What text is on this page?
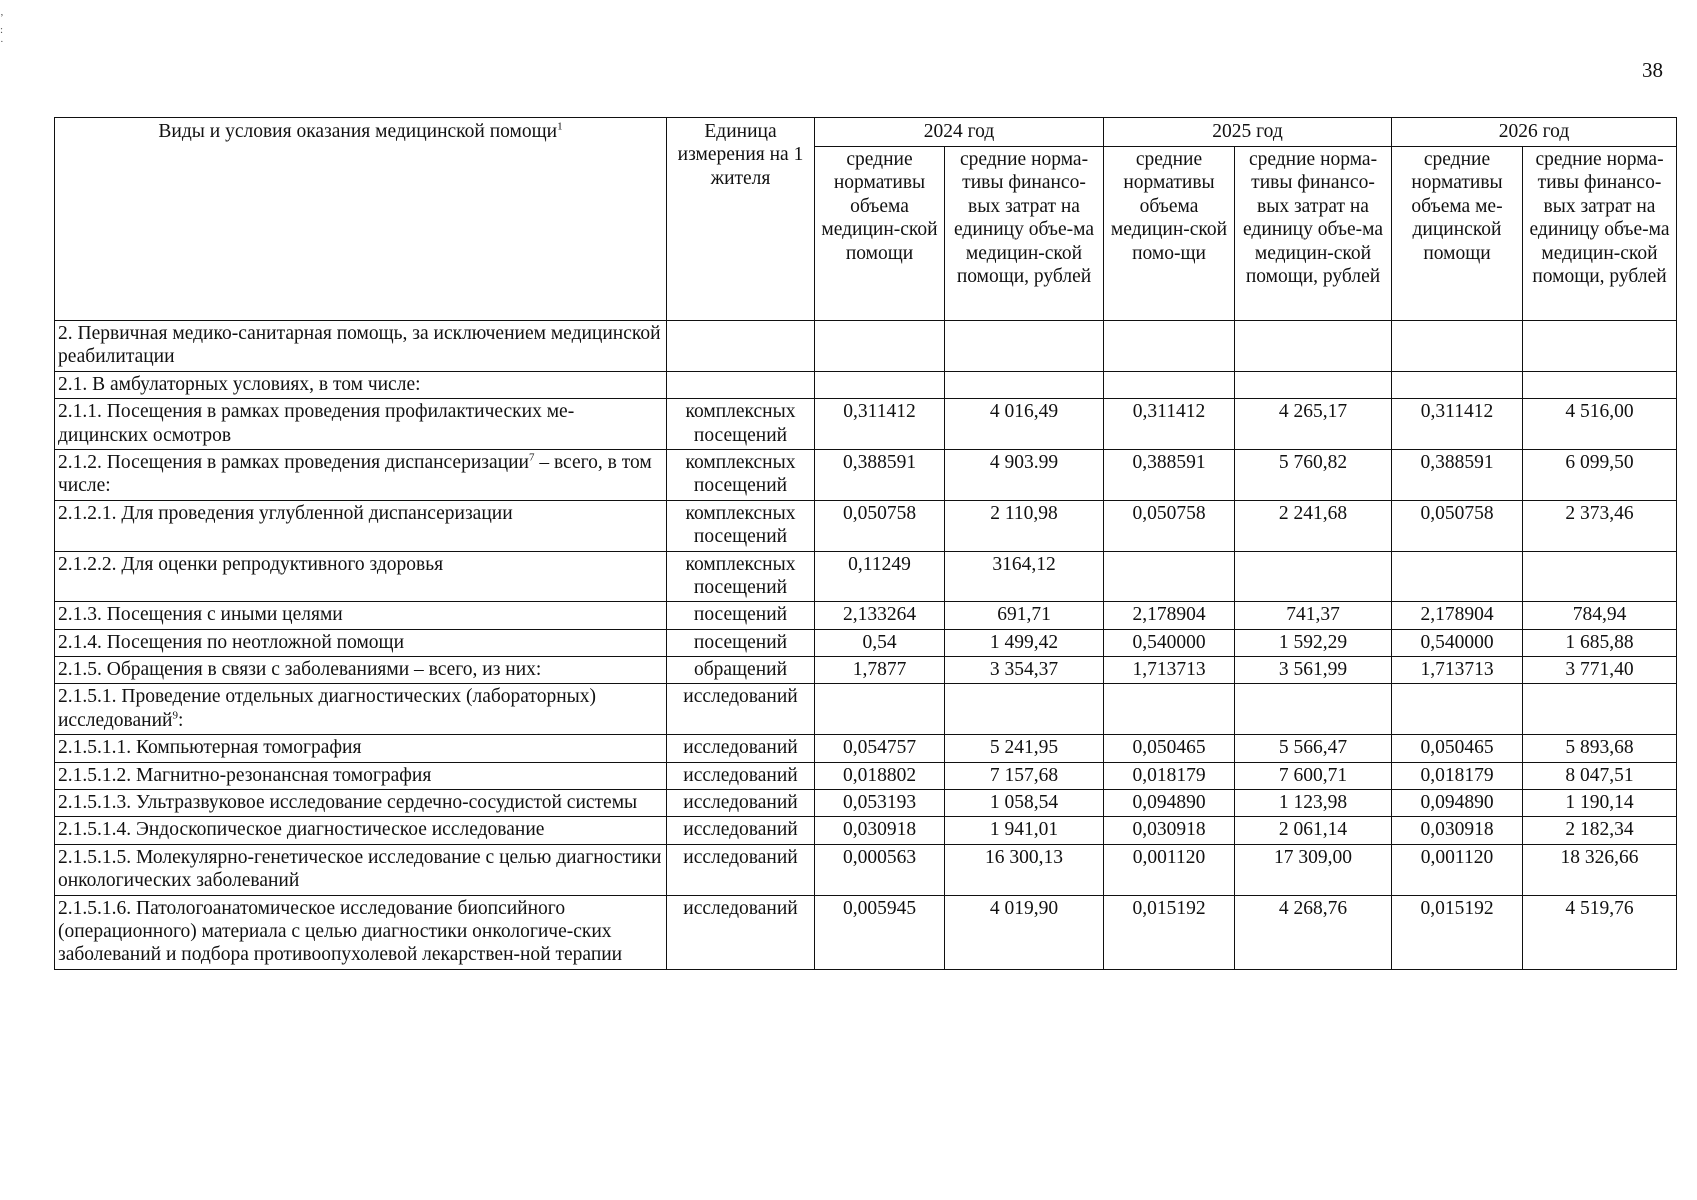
’
:
·
38
Виды и условия оказания медицинской помощи$^1$	Единица измерения на 1 жителя	2024 год		2025 год		2026 год	
		средние нормативы объема медицин-ской помощи	средние норма-тивы финансо-вых затрат на единицу объе-ма медицин-ской помощи, рублей	средние нормативы объема медицин-ской помо-щи	средние норма-тивы финансо-вых затрат на единицу объе-ма медицин-ской помощи, рублей	средние нормативы объема ме-дицинской помощи	средние норма-тивы финансо-вых затрат на единицу объе-ма медицин-ской помощи, рублей
2. Первичная медико-санитарная помощь, за исключением медицинской реабилитации							
2.1. В амбулаторных условиях, в том числе:							
2.1.1. Посещения в рамках проведения профилактических ме-дицинских осмотров	комплексных посещений	0,311412	4 016,49	0,311412	4 265,17	0,311412	4 516,00
2.1.2. Посещения в рамках проведения диспансеризации$^7$ – всего, в том числе:	комплексных посещений	0,388591	4 903.99	0,388591	5 760,82	0,388591	6 099,50
2.1.2.1. Для проведения углубленной диспансеризации	комплексных посещений	0,050758	2 110,98	0,050758	2 241,68	0,050758	2 373,46
2.1.2.2. Для оценки репродуктивного здоровья	комплексных посещений	0,11249	3164,12				
2.1.3. Посещения с иными целями	посещений	2,133264	691,71	2,178904	741,37	2,178904	784,94
2.1.4. Посещения по неотложной помощи	посещений	0,54	1 499,42	0,540000	1 592,29	0,540000	1 685,88
2.1.5. Обращения в связи с заболеваниями – всего, из них:	обращений	1,7877	3 354,37	1,713713	3 561,99	1,713713	3 771,40
2.1.5.1. Проведение отдельных диагностических (лабораторных) исследований$^9$:	исследований						
2.1.5.1.1. Компьютерная томография	исследований	0,054757	5 241,95	0,050465	5 566,47	0,050465	5 893,68
2.1.5.1.2. Магнитно-резонансная томография	исследований	0,018802	7 157,68	0,018179	7 600,71	0,018179	8 047,51
2.1.5.1.3. Ультразвуковое исследование сердечно-сосудистой системы	исследований	0,053193	1 058,54	0,094890	1 123,98	0,094890	1 190,14
2.1.5.1.4. Эндоскопическое диагностическое исследование	исследований	0,030918	1 941,01	0,030918	2 061,14	0,030918	2 182,34
2.1.5.1.5. Молекулярно-генетическое исследование с целью диагностики онкологических заболеваний	исследований	0,000563	16 300,13	0,001120	17 309,00	0,001120	18 326,66
2.1.5.1.6. Патологоанатомическое исследование биопсийного (операционного) материала с целью диагностики онкологиче-ских заболеваний и подбора противоопухолевой лекарствен-ной терапии	исследований	0,005945	4 019,90	0,015192	4 268,76	0,015192	4 519,76
